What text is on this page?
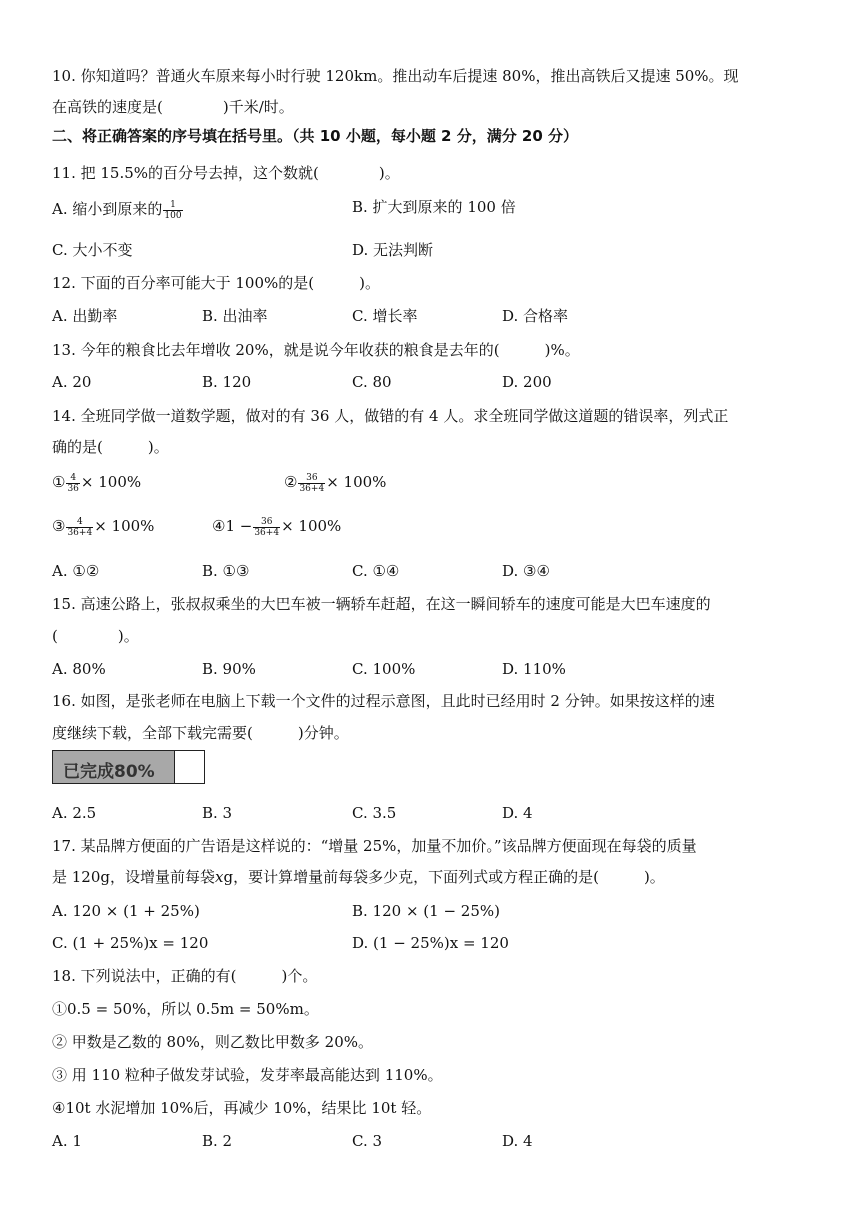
10. 你知道吗？普通火车原来每小时行驶 120km。推出动车后提速 80%，推出高铁后又提速 50%。现
在高铁的速度是(　　　　)千米/时。
二、将正确答案的序号填在括号里。（共 10 小题，每小题 2 分，满分 20 分）
11. 把 15.5%的百分号去掉，这个数就(　　　　)。
A. 缩小到原来的 $\frac{1}{100}$	B. 扩大到原来的 100 倍
C. 大小不变	D. 无法判断
12. 下面的百分率可能大于 100%的是(　　　)。
A. 出勤率	B. 出油率	C. 增长率	D. 合格率
13. 今年的粮食比去年增收 20%，就是说今年收获的粮食是去年的(　　　)%。
A. 20	B. 120	C. 80	D. 200
14. 全班同学做一道数学题，做对的有 36 人，做错的有 4 人。求全班同学做这道题的错误率，列式正
确的是(　　　)。
① $\frac{4}{36} \times 100\%$	② $\frac{36}{36+4} \times 100\%$
③ $\frac{4}{36+4} \times 100\%$	④1 − $\frac{36}{36+4} \times 100\%$
A. ①②	B. ①③	C. ①④	D. ③④
15. 高速公路上，张叔叔乘坐的大巴车被一辆轿车赶超，在这一瞬间轿车的速度可能是大巴车速度的
(　　　　)。
A. 80%	B. 90%	C. 100%	D. 110%
16. 如图，是张老师在电脑上下载一个文件的过程示意图，且此时已经用时 2 分钟。如果按这样的速
度继续下载，全部下载完需要(　　　)分钟。
已完成80%
A. 2.5	B. 3	C. 3.5	D. 4
17. 某品牌方便面的广告语是这样说的：“增量 25%，加量不加价。”该品牌方便面现在每袋的质量
是 120g，设增量前每袋xg，要计算增量前每袋多少克，下面列式或方程正确的是(　　　)。
A. 120 × (1 + 25%)	B. 120 × (1 − 25%)
C. (1 + 25%)x = 120	D. (1 − 25%)x = 120
18. 下列说法中，正确的有(　　　)个。
①0.5 = 50%，所以 0.5m = 50%m。
② 甲数是乙数的 80%，则乙数比甲数多 20%。
③ 用 110 粒种子做发芽试验，发芽率最高能达到 110%。
④10t 水泥增加 10%后，再减少 10%，结果比 10t 轻。
A. 1	B. 2	C. 3	D. 4
